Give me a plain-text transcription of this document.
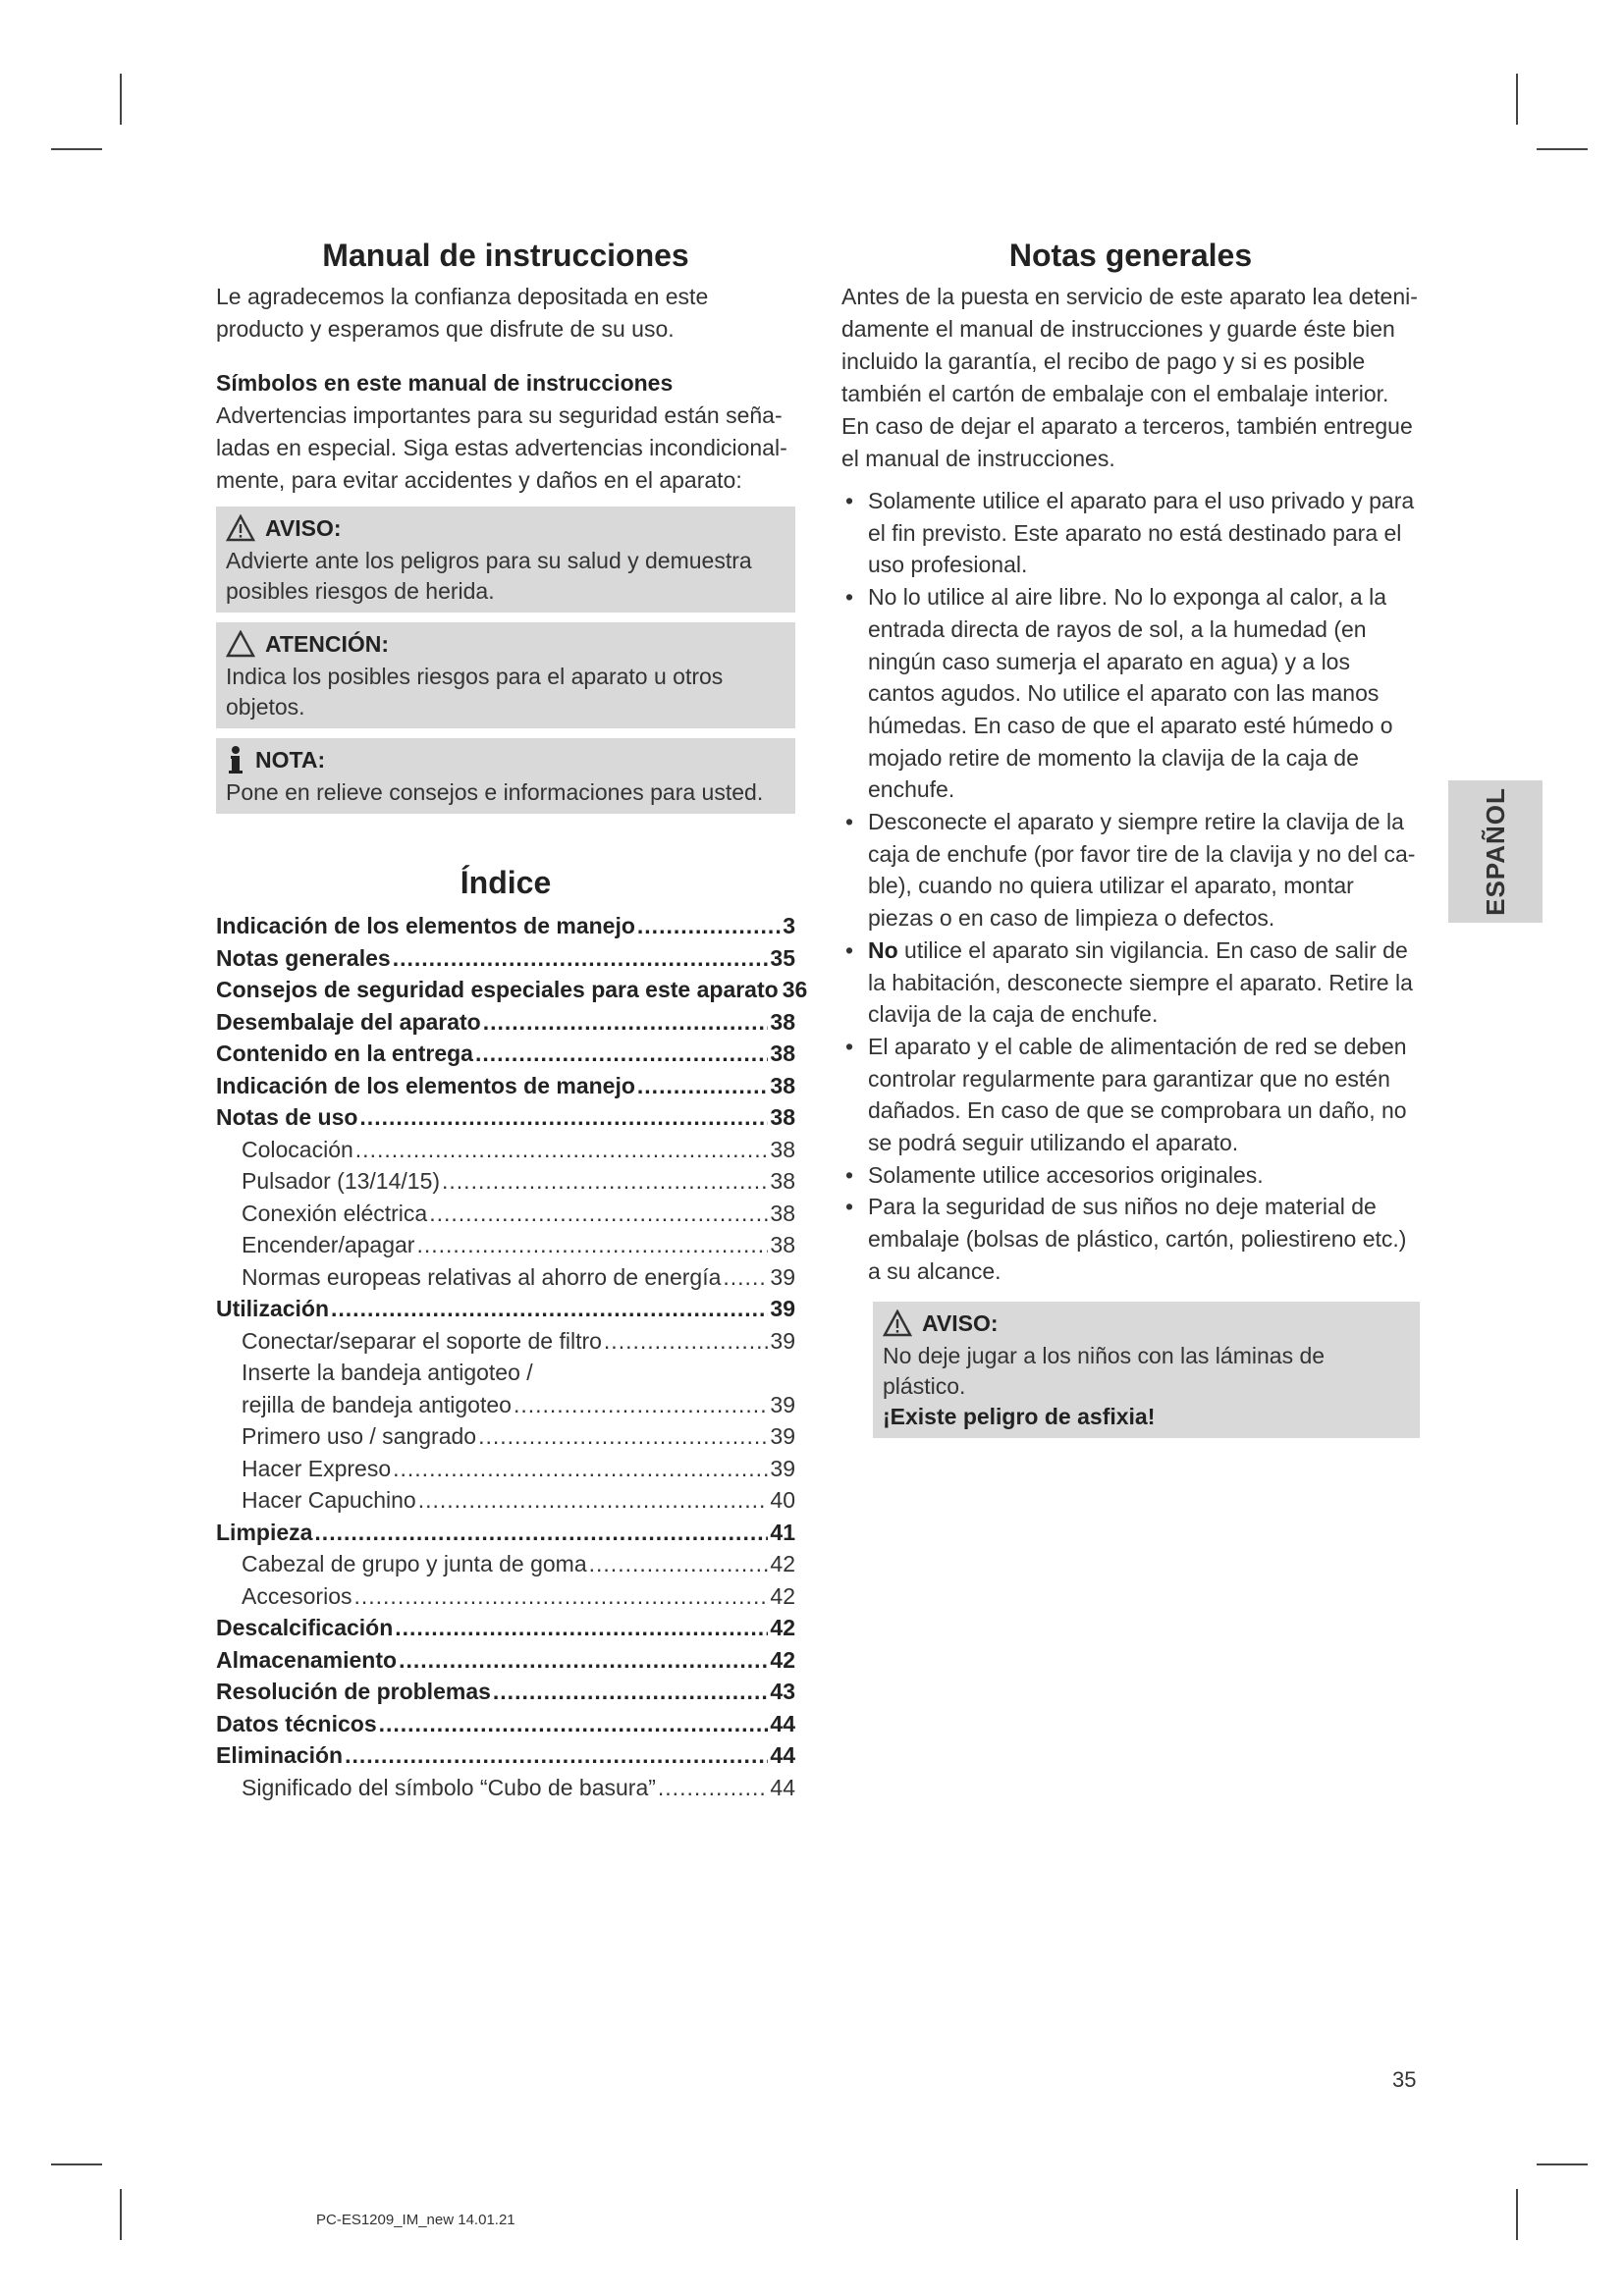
Manual de instrucciones

Le agradecemos la confianza depositada en este producto y esperamos que disfrute de su uso.

Símbolos en este manual de instrucciones

Advertencias importantes para su seguridad están señaladas en especial. Siga estas advertencias incondicionalmente, para evitar accidentes y daños en el aparato:

AVISO:
Advierte ante los peligros para su salud y demuestra posibles riesgos de herida.
ATENCIÓN:
Indica los posibles riesgos para el aparato u otros objetos.
NOTA:
Pone en relieve consejos e informaciones para usted.
Índice
Indicación de los elementos de manejo .....	3
Notas generales .....	35
Consejos de seguridad especiales para este aparato 36
Desembalaje del aparato .....	38
Contenido en la entrega .....	38
Indicación de los elementos de manejo .....	38
Notas de uso .....	38
Colocación .....	38
Pulsador (13/14/15) .....	38
Conexión eléctrica .....	38
Encender/apagar .....	38
Normas europeas relativas al ahorro de energía ..... 39
Utilización .....	39
Conectar/separar el soporte de filtro .....	39
Inserte la bandeja antigoteo /
rejilla de bandeja antigoteo .....	39
Primero uso / sangrado .....	39
Hacer Expreso .....	39
Hacer Capuchino .....	40
Limpieza .....	41
Cabezal de grupo y junta de goma .....	42
Accesorios .....	42
Descalcificación .....	42
Almacenamiento .....	42
Resolución de problemas .....	43
Datos técnicos .....	44
Eliminación .....	44
Significado del símbolo “Cubo de basura” .....	44
Notas generales

Antes de la puesta en servicio de este aparato lea detenidamente el manual de instrucciones y guarde éste bien incluido la garantía, el recibo de pago y si es posible también el cartón de embalaje con el embalaje interior. En caso de dejar el aparato a terceros, también entregue el manual de instrucciones.

• Solamente utilice el aparato para el uso privado y para el fin previsto. Este aparato no está destinado para el uso profesional.
• No lo utilice al aire libre. No lo exponga al calor, a la entrada directa de rayos de sol, a la humedad (en ningún caso sumerja el aparato en agua) y a los cantos agudos. No utilice el aparato con las manos húmedas. En caso de que el aparato esté húmedo o mojado retire de momento la clavija de la caja de enchufe.
• Desconecte el aparato y siempre retire la clavija de la caja de enchufe (por favor tire de la clavija y no del cable), cuando no quiera utilizar el aparato, montar piezas o en caso de limpieza o defectos.
• No utilice el aparato sin vigilancia. En caso de salir de la habitación, desconecte siempre el aparato. Retire la clavija de la caja de enchufe.
• El aparato y el cable de alimentación de red se deben controlar regularmente para garantizar que no estén dañados. En caso de que se comprobara un daño, no se podrá seguir utilizando el aparato.
• Solamente utilice accesorios originales.
• Para la seguridad de sus niños no deje material de embalaje (bolsas de plástico, cartón, poliestireno etc.) a su alcance.
AVISO:
No deje jugar a los niños con las láminas de plástico.
¡Existe peligro de asfixia!
ESPAÑOL
35
PC-ES1209_IM_new 14.01.21
